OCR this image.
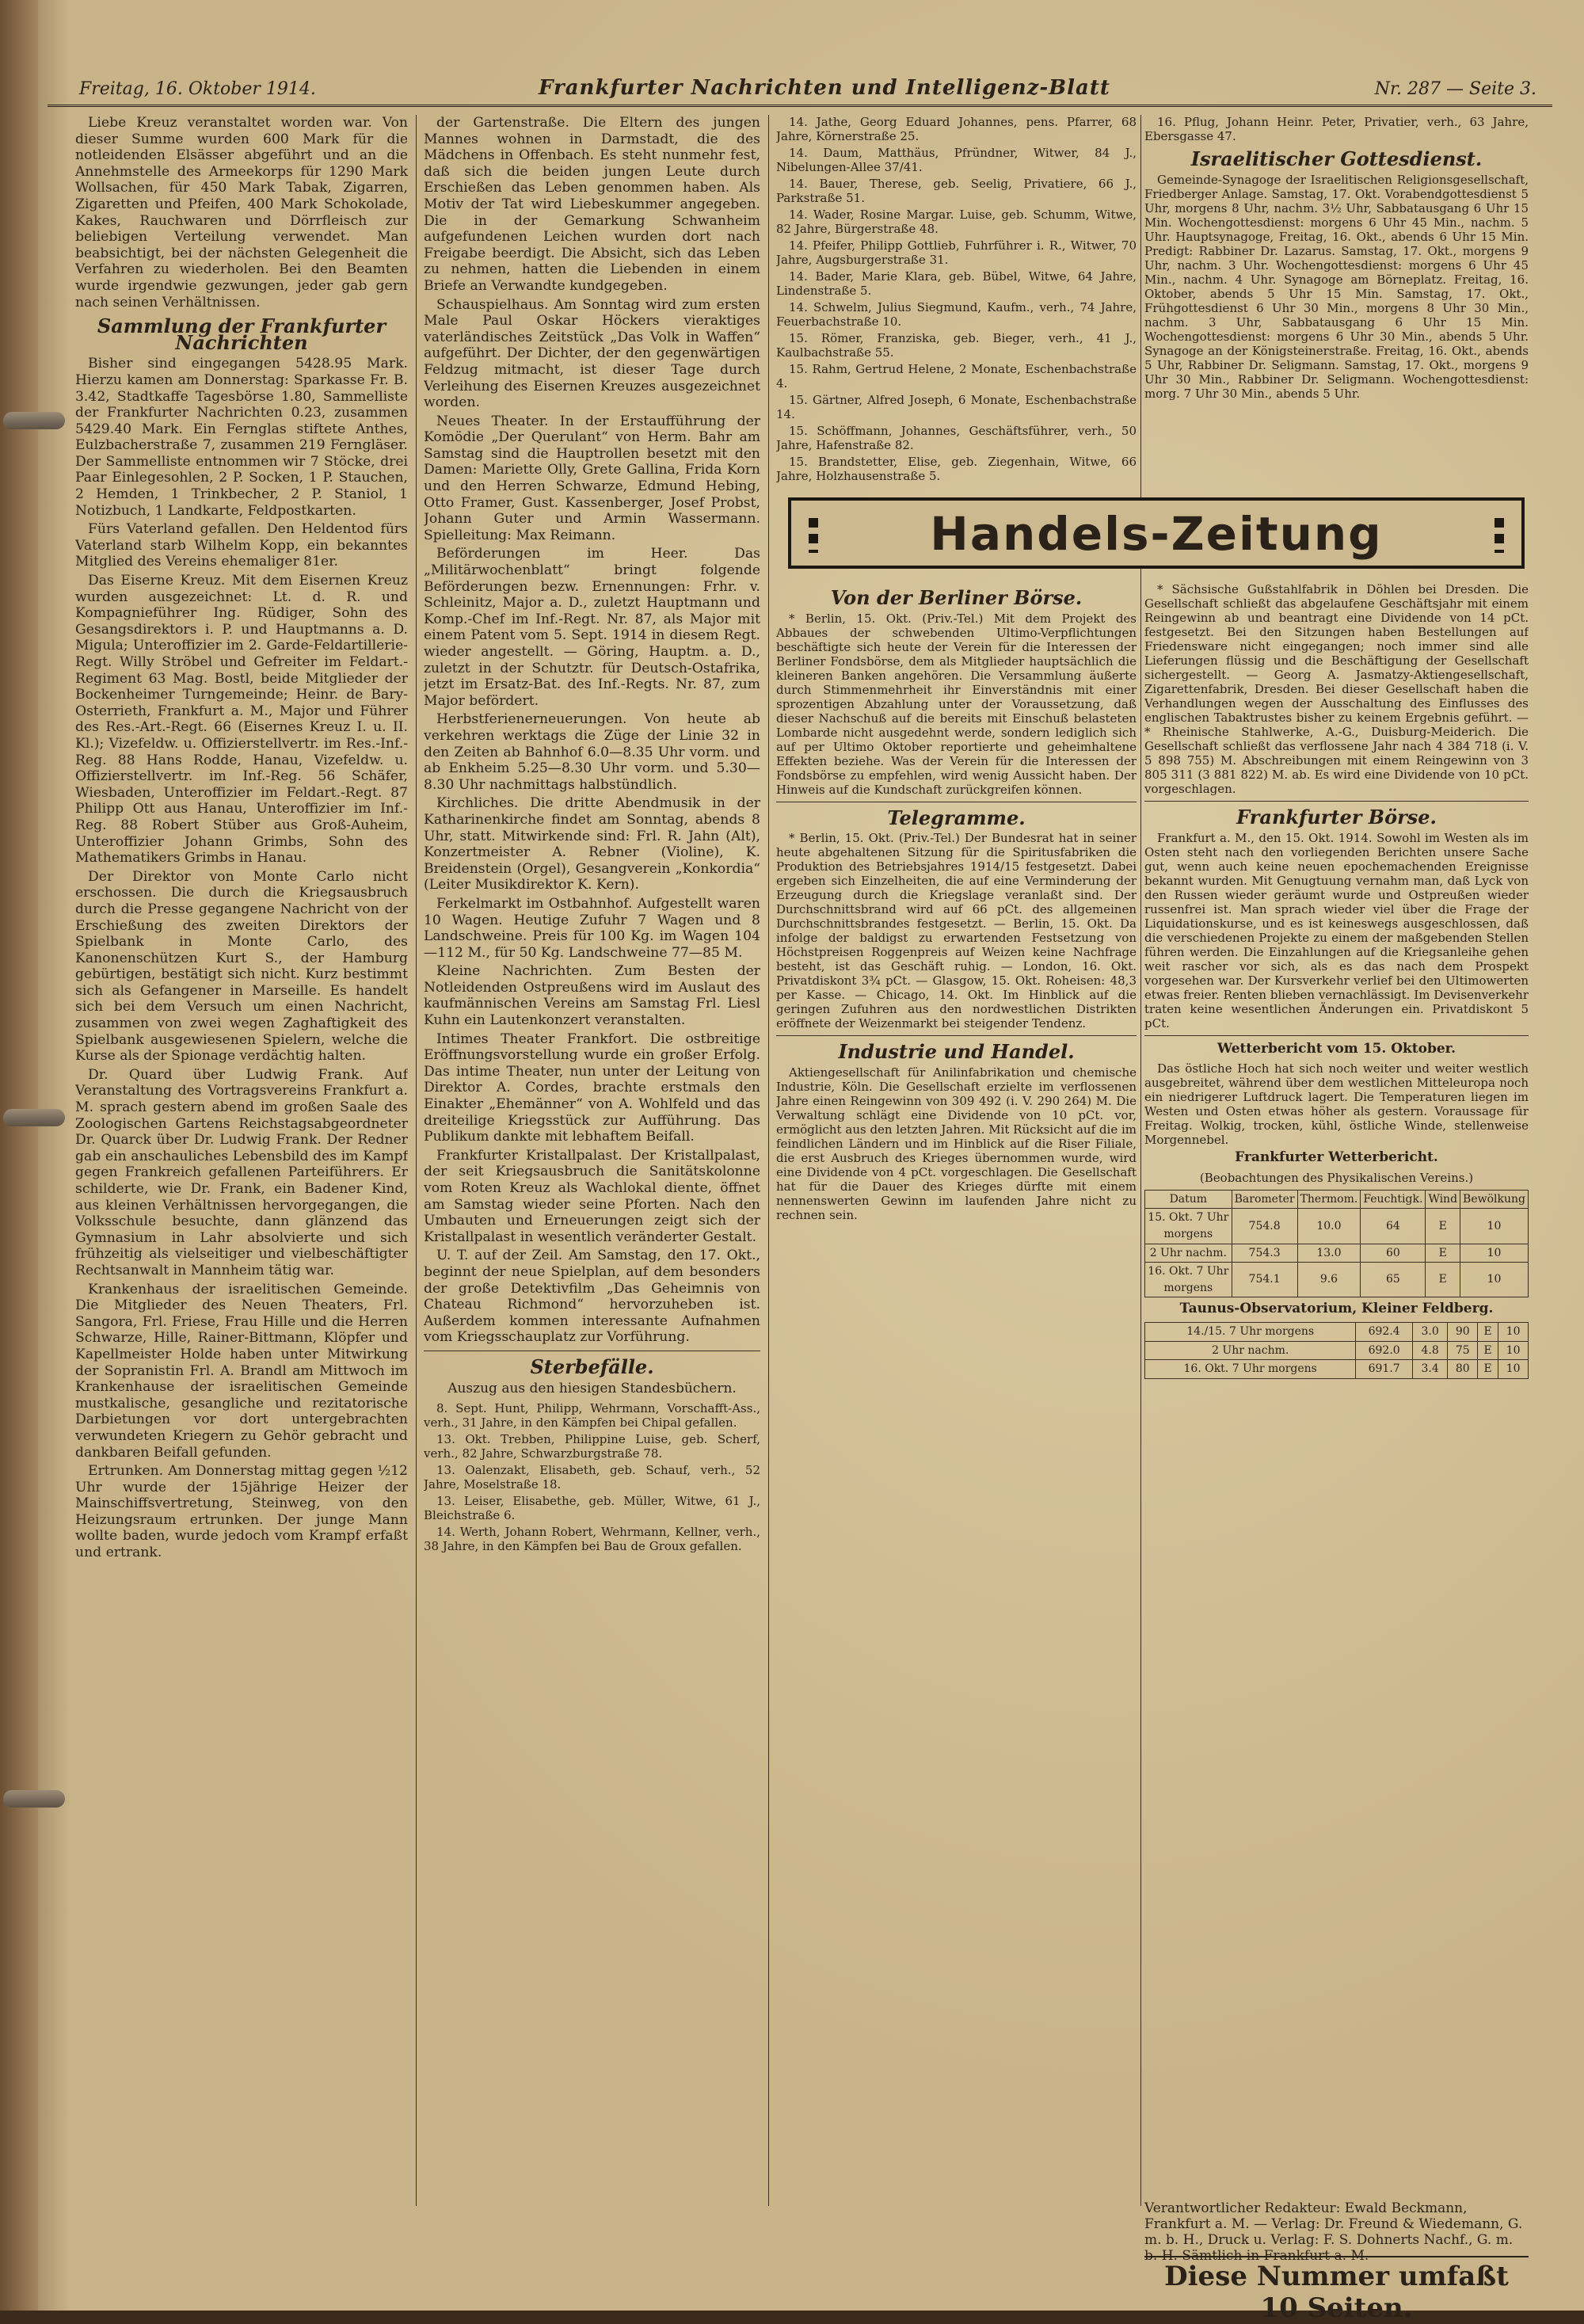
Freitag, 16. Oktober 1914.	Frankfurter Nachrichten und Intelligenz-Blatt	Nr. 287 — Seite 3.

Liebe Kreuz veranstaltet worden war. Von dieser Summe wurden 600 Mark für die notleidenden Elsässer abgeführt und an die Annehmstelle des Armeekorps für 1290 Mark Wollsachen, für 450 Mark Tabak, Zigarren, Zigaretten und Pfeifen, 400 Mark Schokolade, Kakes, Rauchwaren und Dörrfleisch zur beliebigen Verteilung verwendet. Man beabsichtigt, bei der nächsten Gelegenheit die Verfahren zu wiederholen. Bei den Beamten wurde irgendwie gezwungen, jeder gab gern nach seinen Verhältnissen.

Sammlung der Frankfurter Nachrichten

Bisher sind eingegangen 5428.95 Mark. Hierzu kamen am Donnerstag: Sparkasse Fr. B. 3.42, Stadtkaffe Tagesbörse 1.80, Sammelliste der Frankfurter Nachrichten 0.23, zusammen 5429.40 Mark. Ein Fernglas stiftete Anthes, Eulzbacherstraße 7, zusammen 219 Ferngläser. Der Sammelliste entnommen wir 7 Stöcke, drei Paar Einlegesohlen, 2 P. Socken, 1 P. Stauchen, 2 Hemden, 1 Trinkbecher, 2 P. Staniol, 1 Notizbuch, 1 Landkarte, Feldpostkarten.

Fürs Vaterland gefallen. Den Heldentod fürs Vaterland starb Wilhelm Kopp, ein bekanntes Mitglied des Vereins ehemaliger 81er.

Das Eiserne Kreuz. Mit dem Eisernen Kreuz wurden ausgezeichnet: Lt. d. R. und Kompagnieführer Ing. Rüdiger, Sohn des Gesangsdirektors i. P. und Hauptmanns a. D. Migula; Unteroffizier im 2. Garde-Feldartillerie-Regt. Willy Ströbel und Gefreiter im Feldart.-Regiment 63 Mag. Bostl, beide Mitglieder der Bockenheimer Turngemeinde; Heinr. de Bary-Osterrieth, Frankfurt a. M., Major und Führer des Res.-Art.-Regt. 66 (Eisernes Kreuz I. u. II. Kl.); Vizefeldw. u. Offizierstellvertr. im Res.-Inf.-Reg. 88 Hans Rodde, Hanau, Vizefeldw. u. Offizierstellvertr. im Inf.-Reg. 56 Schäfer, Wiesbaden, Unteroffizier im Feldart.-Regt. 87 Philipp Ott aus Hanau, Unteroffizier im Inf.-Reg. 88 Robert Stüber aus Groß-Auheim, Unteroffizier Johann Grimbs, Sohn des Mathematikers Grimbs in Hanau.

Der Direktor von Monte Carlo nicht erschossen. Die durch die Kriegsausbruch durch die Presse gegangene Nachricht von der Erschießung des zweiten Direktors der Spielbank in Monte Carlo, des Kanonenschützen Kurt S., der Hamburg gebürtigen, bestätigt sich nicht. Kurz bestimmt sich als Gefangener in Marseille. Es handelt sich bei dem Versuch um einen Nachricht, zusammen von zwei wegen Zaghaftigkeit des Spielbank ausgewiesenen Spielern, welche die Kurse als der Spionage verdächtig halten.

Dr. Quard über Ludwig Frank. Auf Veranstaltung des Vortragsvereins Frankfurt a. M. sprach gestern abend im großen Saale des Zoologischen Gartens Reichstagsabgeordneter Dr. Quarck über Dr. Ludwig Frank. Der Redner gab ein anschauliches Lebensbild des im Kampf gegen Frankreich gefallenen Parteiführers. Er schilderte, wie Dr. Frank, ein Badener Kind, aus kleinen Verhältnissen hervorgegangen, die Volksschule besuchte, dann glänzend das Gymnasium in Lahr absolvierte und sich frühzeitig als vielseitiger und vielbeschäftigter Rechtsanwalt in Mannheim tätig war.

Krankenhaus der israelitischen Gemeinde. Die Mitglieder des Neuen Theaters, Frl. Sangora, Frl. Friese, Frau Hille und die Herren Schwarze, Hille, Rainer-Bittmann, Klöpfer und Kapellmeister Holde haben unter Mitwirkung der Sopranistin Frl. A. Brandl am Mittwoch im Krankenhause der israelitischen Gemeinde mustkalische, gesangliche und rezitatorische Darbietungen vor dort untergebrachten verwundeten Kriegern zu Gehör gebracht und dankbaren Beifall gefunden.

Ertrunken. Am Donnerstag mittag gegen ½12 Uhr wurde der 15jährige Heizer der Mainschiffsvertretung, Steinweg, von den Heizungsraum ertrunken. Der junge Mann wollte baden, wurde jedoch vom Krampf erfaßt und ertrank.

der Gartenstraße. Die Eltern des jungen Mannes wohnen in Darmstadt, die des Mädchens in Offenbach. Es steht nunmehr fest, daß sich die beiden jungen Leute durch Erschießen das Leben genommen haben. Als Motiv der Tat wird Liebeskummer angegeben. Die in der Gemarkung Schwanheim aufgefundenen Leichen wurden dort nach Freigabe beerdigt. Die Absicht, sich das Leben zu nehmen, hatten die Liebenden in einem Briefe an Verwandte kundgegeben.

Schauspielhaus. Am Sonntag wird zum ersten Male Paul Oskar Höckers vieraktiges vaterländisches Zeitstück „Das Volk in Waffen“ aufgeführt. Der Dichter, der den gegenwärtigen Feldzug mitmacht, ist dieser Tage durch Verleihung des Eisernen Kreuzes ausgezeichnet worden.

Neues Theater. In der Erstaufführung der Komödie „Der Querulant“ von Herm. Bahr am Samstag sind die Hauptrollen besetzt mit den Damen: Mariette Olly, Grete Gallina, Frida Korn und den Herren Schwarze, Edmund Hebing, Otto Framer, Gust. Kassenberger, Josef Probst, Johann Guter und Armin Wassermann. Spielleitung: Max Reimann.

Beförderungen im Heer. Das „Militärwochenblatt“ bringt folgende Beförderungen bezw. Ernennungen: Frhr. v. Schleinitz, Major a. D., zuletzt Hauptmann und Komp.-Chef im Inf.-Regt. Nr. 87, als Major mit einem Patent vom 5. Sept. 1914 in diesem Regt. wieder angestellt. — Göring, Hauptm. a. D., zuletzt in der Schutztr. für Deutsch-Ostafrika, jetzt im Ersatz-Bat. des Inf.-Regts. Nr. 87, zum Major befördert.

Herbstferienerneuerungen. Von heute ab verkehren werktags die Züge der Linie 32 in den Zeiten ab Bahnhof 6.0—8.35 Uhr vorm. und ab Enkheim 5.25—8.30 Uhr vorm. und 5.30—8.30 Uhr nachmittags halbstündlich.

Kirchliches. Die dritte Abendmusik in der Katharinenkirche findet am Sonntag, abends 8 Uhr, statt. Mitwirkende sind: Frl. R. Jahn (Alt), Konzertmeister A. Rebner (Violine), K. Breidenstein (Orgel), Gesangverein „Konkordia“ (Leiter Musikdirektor K. Kern).

Ferkelmarkt im Ostbahnhof. Aufgestellt waren 10 Wagen. Heutige Zufuhr 7 Wagen und 8 Landschweine. Preis für 100 Kg. im Wagen 104—112 M., für 50 Kg. Landschweine 77—85 M.

Kleine Nachrichten. Zum Besten der Notleidenden Ostpreußens wird im Auslaut des kaufmännischen Vereins am Samstag Frl. Liesl Kuhn ein Lautenkonzert veranstalten.

Intimes Theater Frankfort. Die ostbreitige Eröffnungsvorstellung wurde ein großer Erfolg. Das intime Theater, nun unter der Leitung von Direktor A. Cordes, brachte erstmals den Einakter „Ehemänner“ von A. Wohlfeld und das dreiteilige Kriegsstück zur Aufführung. Das Publikum dankte mit lebhaftem Beifall.

Frankfurter Kristallpalast. Der Kristallpalast, der seit Kriegsausbruch die Sanitätskolonne vom Roten Kreuz als Wachlokal diente, öffnet am Samstag wieder seine Pforten. Nach den Umbauten und Erneuerungen zeigt sich der Kristallpalast in wesentlich veränderter Gestalt.

U. T. auf der Zeil. Am Samstag, den 17. Okt., beginnt der neue Spielplan, auf dem besonders der große Detektivfilm „Das Geheimnis von Chateau Richmond“ hervorzuheben ist. Außerdem kommen interessante Aufnahmen vom Kriegsschauplatz zur Vorführung.

Sterbefälle.
Auszug aus den hiesigen Standesbüchern.

8. Sept. Hunt, Philipp, Wehrmann, Vorschafft-Ass., verh., 31 Jahre, in den Kämpfen bei Chipal gefallen.

13. Okt. Trebben, Philippine Luise, geb. Scherf, verh., 82 Jahre, Schwarzburgstraße 78.

13. Oalenzakt, Elisabeth, geb. Schauf, verh., 52 Jahre, Moselstraße 18.

13. Leiser, Elisabethe, geb. Müller, Witwe, 61 J., Bleichstraße 6.

14. Werth, Johann Robert, Wehrmann, Kellner, verh., 38 Jahre, in den Kämpfen bei Bau de Groux gefallen.

14. Jathe, Georg Eduard Johannes, pens. Pfarrer, 68 Jahre, Körnerstraße 25.

14. Daum, Matthäus, Pfründner, Witwer, 84 J., Nibelungen-Allee 37/41.

14. Bauer, Therese, geb. Seelig, Privatiere, 66 J., Parkstraße 51.

14. Wader, Rosine Margar. Luise, geb. Schumm, Witwe, 82 Jahre, Bürgerstraße 48.

14. Pfeifer, Philipp Gottlieb, Fuhrführer i. R., Witwer, 70 Jahre, Augsburgerstraße 31.

14. Bader, Marie Klara, geb. Bübel, Witwe, 64 Jahre, Lindenstraße 5.

14. Schwelm, Julius Siegmund, Kaufm., verh., 74 Jahre, Feuerbachstraße 10.

15. Römer, Franziska, geb. Bieger, verh., 41 J., Kaulbachstraße 55.

15. Rahm, Gertrud Helene, 2 Monate, Eschenbachstraße 4.

15. Gärtner, Alfred Joseph, 6 Monate, Eschenbachstraße 14.

15. Schöffmann, Johannes, Geschäftsführer, verh., 50 Jahre, Hafenstraße 82.

15. Brandstetter, Elise, geb. Ziegenhain, Witwe, 66 Jahre, Holzhausenstraße 5.

16. Pflug, Johann Heinr. Peter, Privatier, verh., 63 Jahre, Ebersgasse 47.

Israelitischer Gottesdienst.

Gemeinde-Synagoge der Israelitischen Religionsgesellschaft, Friedberger Anlage. Samstag, 17. Okt. Vorabendgottesdienst 5 Uhr, morgens 8 Uhr, nachm. 3½ Uhr, Sabbatausgang 6 Uhr 15 Min. Wochengottesdienst: morgens 6 Uhr 45 Min., nachm. 5 Uhr. Hauptsynagoge, Freitag, 16. Okt., abends 6 Uhr 15 Min. Predigt: Rabbiner Dr. Lazarus. Samstag, 17. Okt., morgens 9 Uhr, nachm. 3 Uhr. Wochengottesdienst: morgens 6 Uhr 45 Min., nachm. 4 Uhr. Synagoge am Börneplatz. Freitag, 16. Oktober, abends 5 Uhr 15 Min. Samstag, 17. Okt., Frühgottesdienst 6 Uhr 30 Min., morgens 8 Uhr 30 Min., nachm. 3 Uhr, Sabbatausgang 6 Uhr 15 Min. Wochengottesdienst: morgens 6 Uhr 30 Min., abends 5 Uhr. Synagoge an der Königsteinerstraße. Freitag, 16. Okt., abends 5 Uhr, Rabbiner Dr. Seligmann. Samstag, 17. Okt., morgens 9 Uhr 30 Min., Rabbiner Dr. Seligmann. Wochengottesdienst: morg. 7 Uhr 30 Min., abends 5 Uhr.

Handels-Zeitung
Von der Berliner Börse.

* Berlin, 15. Okt. (Priv.-Tel.) Mit dem Projekt des Abbaues der schwebenden Ultimo-Verpflichtungen beschäftigte sich heute der Verein für die Interessen der Berliner Fondsbörse, dem als Mitglieder hauptsächlich die kleineren Banken angehören. Die Versammlung äußerte durch Stimmenmehrheit ihr Einverständnis mit einer sprozentigen Abzahlung unter der Voraussetzung, daß dieser Nachschuß auf die bereits mit Einschuß belasteten Lombarde nicht ausgedehnt werde, sondern lediglich sich auf per Ultimo Oktober reportierte und geheimhaltene Effekten beziehe. Was der Verein für die Interessen der Fondsbörse zu empfehlen, wird wenig Aussicht haben. Der Hinweis auf die Kundschaft zurückgreifen können.

Telegramme.

* Berlin, 15. Okt. (Priv.-Tel.) Der Bundesrat hat in seiner heute abgehaltenen Sitzung für die Spiritusfabriken die Produktion des Betriebsjahres 1914/15 festgesetzt. Dabei ergeben sich Einzelheiten, die auf eine Verminderung der Erzeugung durch die Kriegslage veranlaßt sind. Der Durchschnittsbrand wird auf 66 pCt. des allgemeinen Durchschnittsbrandes festgesetzt. — Berlin, 15. Okt. Da infolge der baldigst zu erwartenden Festsetzung von Höchstpreisen Roggenpreis auf Weizen keine Nachfrage besteht, ist das Geschäft ruhig. — London, 16. Okt. Privatdiskont 3¾ pCt. — Glasgow, 15. Okt. Roheisen: 48,3 per Kasse. — Chicago, 14. Okt. Im Hinblick auf die geringen Zufuhren aus den nordwestlichen Distrikten eröffnete der Weizenmarkt bei steigender Tendenz.

Industrie und Handel.

Aktiengesellschaft für Anilinfabrikation und chemische Industrie, Köln. Die Gesellschaft erzielte im verflossenen Jahre einen Reingewinn von 309 492 (i. V. 290 264) M. Die Verwaltung schlägt eine Dividende von 10 pCt. vor, ermöglicht aus den letzten Jahren. Mit Rücksicht auf die im feindlichen Ländern und im Hinblick auf die Riser Filiale, die erst Ausbruch des Krieges übernommen wurde, wird eine Dividende von 4 pCt. vorgeschlagen. Die Gesellschaft hat für die Dauer des Krieges dürfte mit einem nennenswerten Gewinn im laufenden Jahre nicht zu rechnen sein.

* Sächsische Gußstahlfabrik in Döhlen bei Dresden. Die Gesellschaft schließt das abgelaufene Geschäftsjahr mit einem Reingewinn ab und beantragt eine Dividende von 14 pCt. festgesetzt. Bei den Sitzungen haben Bestellungen auf Friedensware nicht eingegangen; noch immer sind alle Lieferungen flüssig und die Beschäftigung der Gesellschaft sichergestellt. — Georg A. Jasmatzy-Aktiengesellschaft, Zigarettenfabrik, Dresden. Bei dieser Gesellschaft haben die Verhandlungen wegen der Ausschaltung des Einflusses des englischen Tabaktrustes bisher zu keinem Ergebnis geführt. — * Rheinische Stahlwerke, A.-G., Duisburg-Meiderich. Die Gesellschaft schließt das verflossene Jahr nach 4 384 718 (i. V. 5 898 755) M. Abschreibungen mit einem Reingewinn von 3 805 311 (3 881 822) M. ab. Es wird eine Dividende von 10 pCt. vorgeschlagen.

Frankfurter Börse.

Frankfurt a. M., den 15. Okt. 1914. Sowohl im Westen als im Osten steht nach den vorliegenden Berichten unsere Sache gut, wenn auch keine neuen epochemachenden Ereignisse bekannt wurden. Mit Genugtuung vernahm man, daß Lyck von den Russen wieder geräumt wurde und Ostpreußen wieder russenfrei ist. Man sprach wieder viel über die Frage der Liquidationskurse, und es ist keineswegs ausgeschlossen, daß die verschiedenen Projekte zu einem der maßgebenden Stellen führen werden. Die Einzahlungen auf die Kriegsanleihe gehen weit rascher vor sich, als es das nach dem Prospekt vorgesehen war. Der Kursverkehr verlief bei den Ultimowerten etwas freier. Renten blieben vernachlässigt. Im Devisenverkehr traten keine wesentlichen Änderungen ein. Privatdiskont 5 pCt.

Wetterbericht vom 15. Oktober.

Das östliche Hoch hat sich noch weiter und weiter westlich ausgebreitet, während über dem westlichen Mitteleuropa noch ein niedrigerer Luftdruck lagert. Die Temperaturen liegen im Westen und Osten etwas höher als gestern. Voraussage für Freitag. Wolkig, trocken, kühl, östliche Winde, stellenweise Morgennebel.

Frankfurter Wetterbericht.
(Beobachtungen des Physikalischen Vereins.)
Datum	Barometer	Thermom.	Feuchtigk.	Wind	Bewölkung
15. Okt. 7 Uhr morgens	754.8	10.0	64	E	10
2 Uhr nachm.	754.3	13.0	60	E	10
16. Okt. 7 Uhr morgens	754.1	9.6	65	E	10
Taunus-Observatorium, Kleiner Feldberg.
14./15. 7 Uhr morgens	692.4	3.0	90	E	10
2 Uhr nachm.	692.0	4.8	75	E	10
16. Okt. 7 Uhr morgens	691.7	3.4	80	E	10
Verantwortlicher Redakteur: Ewald Beckmann, Frankfurt a. M. — Verlag: Dr. Freund & Wiedemann, G. m. b. H., Druck u. Verlag: F. S. Dohnerts Nachf., G. m. b. H. Sämtlich in Frankfurt a. M.
Diese Nummer umfaßt 10 Seiten.
